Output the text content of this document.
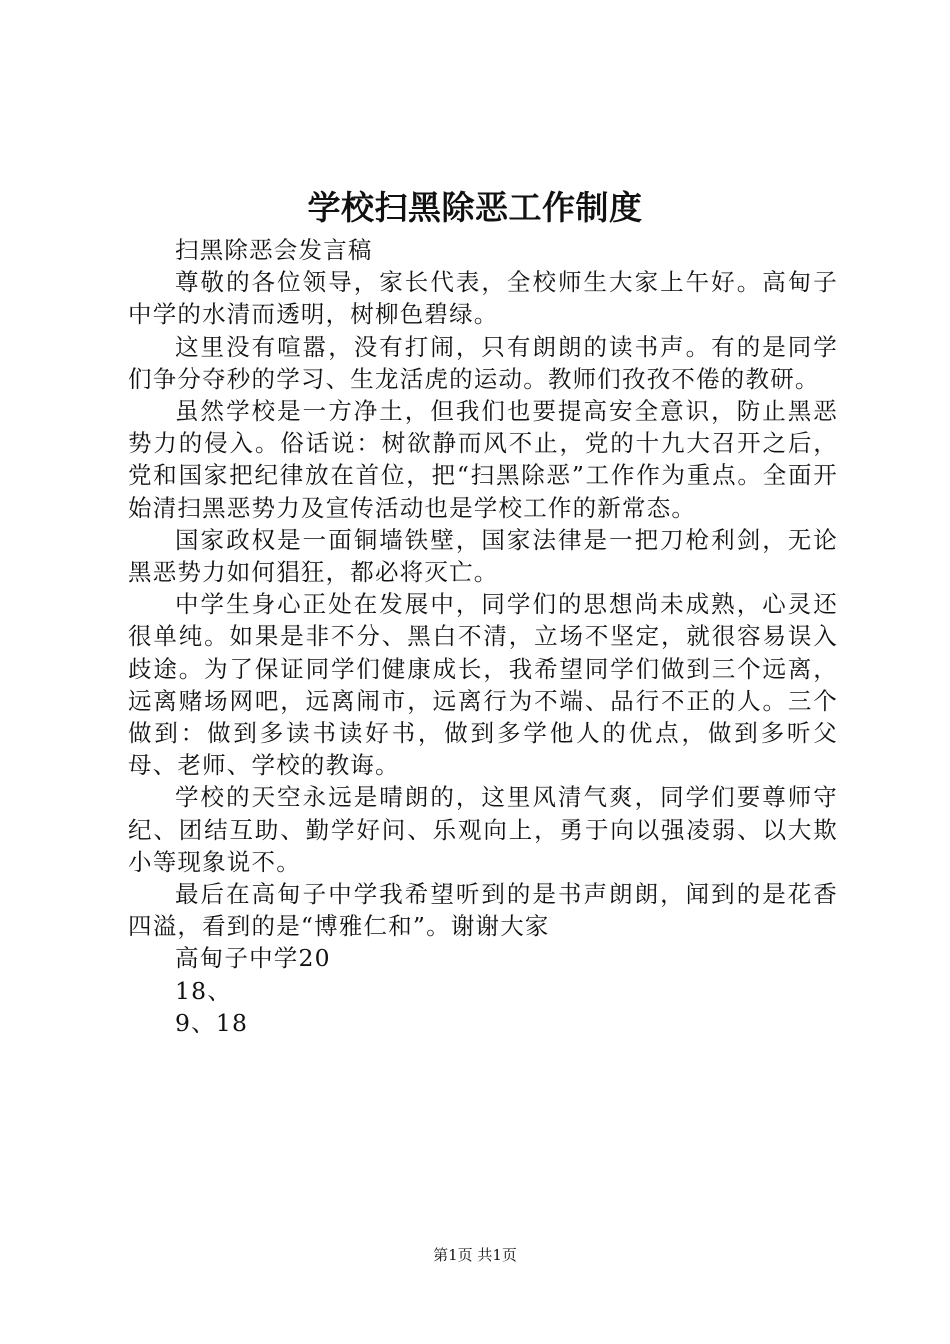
学校扫黑除恶工作制度

扫黑除恶会发言稿

尊敬的各位领导，家长代表，全校师生大家上午好。高甸子中学的水清而透明，树柳色碧绿。

这里没有喧嚣，没有打闹，只有朗朗的读书声。有的是同学们争分夺秒的学习、生龙活虎的运动。教师们孜孜不倦的教研。

虽然学校是一方净土，但我们也要提高安全意识，防止黑恶势力的侵入。俗话说：树欲静而风不止，党的十九大召开之后，党和国家把纪律放在首位，把“扫黑除恶”工作作为重点。全面开始清扫黑恶势力及宣传活动也是学校工作的新常态。

国家政权是一面铜墙铁壁，国家法律是一把刀枪利剑，无论黑恶势力如何猖狂，都必将灭亡。

中学生身心正处在发展中，同学们的思想尚未成熟，心灵还很单纯。如果是非不分、黑白不清，立场不坚定，就很容易误入歧途。为了保证同学们健康成长，我希望同学们做到三个远离，远离赌场网吧，远离闹市，远离行为不端、品行不正的人。三个做到：做到多读书读好书，做到多学他人的优点，做到多听父母、老师、学校的教诲。

学校的天空永远是晴朗的，这里风清气爽，同学们要尊师守纪、团结互助、勤学好问、乐观向上，勇于向以强凌弱、以大欺小等现象说不。

最后在高甸子中学我希望听到的是书声朗朗，闻到的是花香四溢，看到的是“博雅仁和”。谢谢大家

高甸子中学20

18、

9、18

第1页 共1页
